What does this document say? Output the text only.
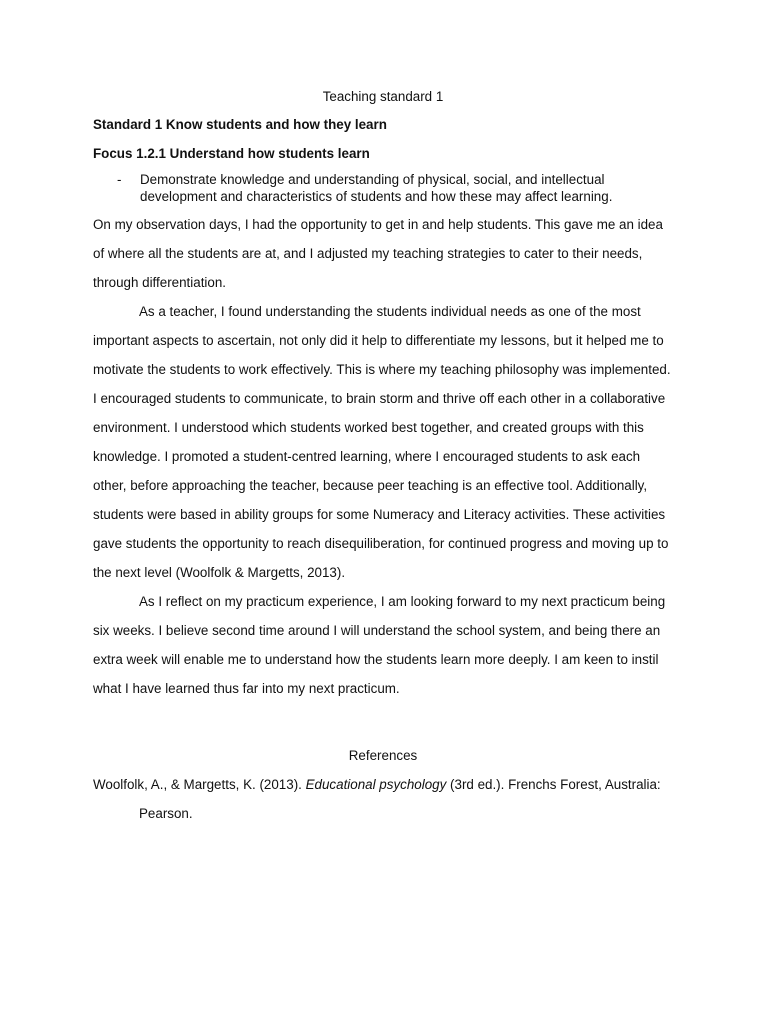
Teaching standard 1

Standard 1 Know students and how they learn

Focus 1.2.1 Understand how students learn

-	Demonstrate knowledge and understanding of physical, social, and intellectual development and characteristics of students and how these may affect learning.

On my observation days, I had the opportunity to get in and help students. This gave me an idea of where all the students are at, and I adjusted my teaching strategies to cater to their needs, through differentiation.

As a teacher, I found understanding the students individual needs as one of the most important aspects to ascertain, not only did it help to differentiate my lessons, but it helped me to motivate the students to work effectively. This is where my teaching philosophy was implemented. I encouraged students to communicate, to brain storm and thrive off each other in a collaborative environment. I understood which students worked best together, and created groups with this knowledge. I promoted a student-centred learning, where I encouraged students to ask each other, before approaching the teacher, because peer teaching is an effective tool. Additionally, students were based in ability groups for some Numeracy and Literacy activities. These activities gave students the opportunity to reach disequiliberation, for continued progress and moving up to the next level (Woolfolk & Margetts, 2013).

As I reflect on my practicum experience, I am looking forward to my next practicum being six weeks. I believe second time around I will understand the school system, and being there an extra week will enable me to understand how the students learn more deeply. I am keen to instil what I have learned thus far into my next practicum.

References

Woolfolk, A., & Margetts, K. (2013). Educational psychology (3rd ed.). Frenchs Forest, Australia: Pearson.
